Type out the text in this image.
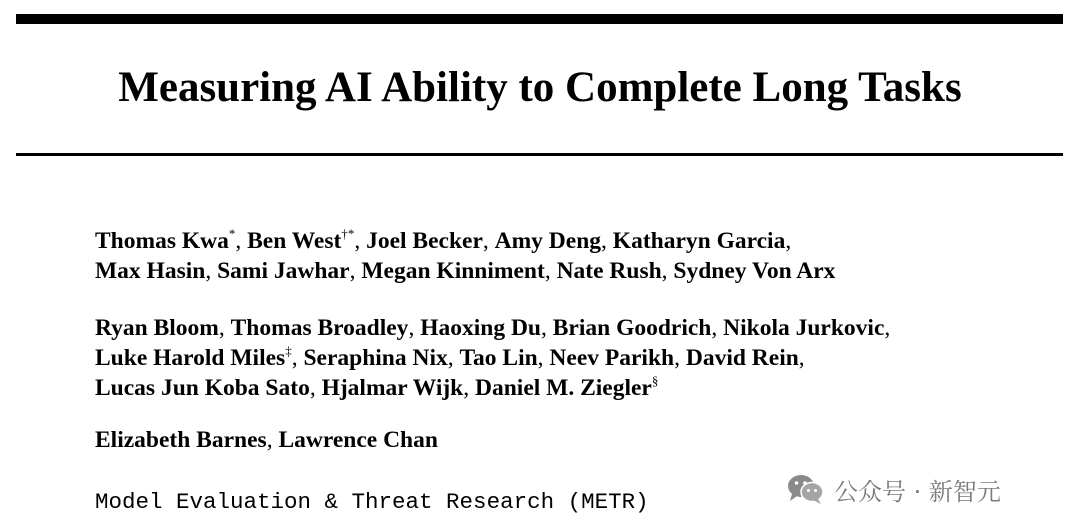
Measuring AI Ability to Complete Long Tasks
Thomas Kwa*, Ben West†*, Joel Becker, Amy Deng, Katharyn Garcia,
Max Hasin, Sami Jawhar, Megan Kinniment, Nate Rush, Sydney Von Arx
Ryan Bloom, Thomas Broadley, Haoxing Du, Brian Goodrich, Nikola Jurkovic,
Luke Harold Miles‡, Seraphina Nix, Tao Lin, Neev Parikh, David Rein,
Lucas Jun Koba Sato, Hjalmar Wijk, Daniel M. Ziegler§
Elizabeth Barnes, Lawrence Chan
Model Evaluation & Threat Research (METR)	公众号 · 新智元
